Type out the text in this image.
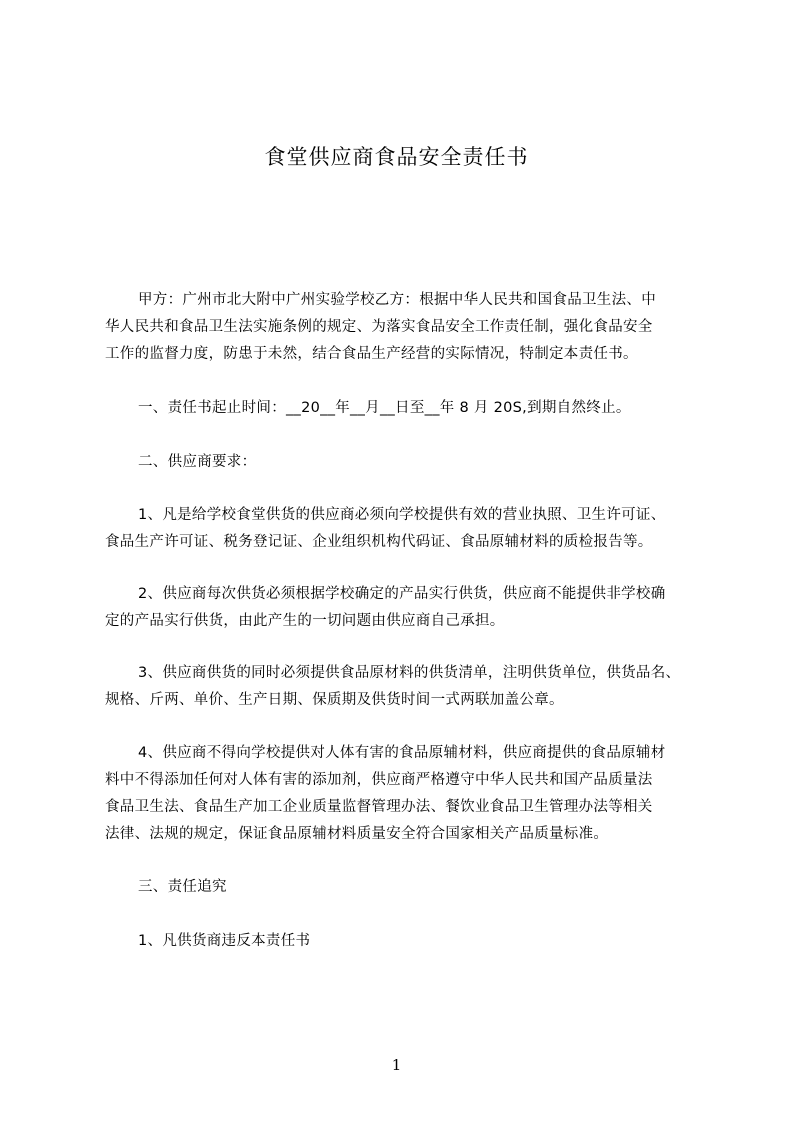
食堂供应商食品安全责任书
甲方：广州市北大附中广州实验学校乙方：根据中华人民共和国食品卫生法、中
华人民共和食品卫生法实施条例的规定、为落实食品安全工作责任制，强化食品安全
工作的监督力度，防患于未然，结合食品生产经营的实际情况，特制定本责任书。
一、责任书起止时间：__20__年__月__日至__年 8 月 20S,到期自然终止。
二、供应商要求：
1、凡是给学校食堂供货的供应商必须向学校提供有效的营业执照、卫生许可证、
食品生产许可证、税务登记证、企业组织机构代码证、食品原辅材料的质检报告等。
2、供应商每次供货必须根据学校确定的产品实行供货，供应商不能提供非学校确
定的产品实行供货，由此产生的一切问题由供应商自己承担。
3、供应商供货的同时必须提供食品原材料的供货清单，注明供货单位，供货品名、
规格、斤两、单价、生产日期、保质期及供货时间一式两联加盖公章。
4、供应商不得向学校提供对人体有害的食品原辅材料，供应商提供的食品原辅材
料中不得添加任何对人体有害的添加剂，供应商严格遵守中华人民共和国产品质量法
食品卫生法、食品生产加工企业质量监督管理办法、餐饮业食品卫生管理办法等相关
法律、法规的规定，保证食品原辅材料质量安全符合国家相关产品质量标准。
三、责任追究
1、凡供货商违反本责任书
1
